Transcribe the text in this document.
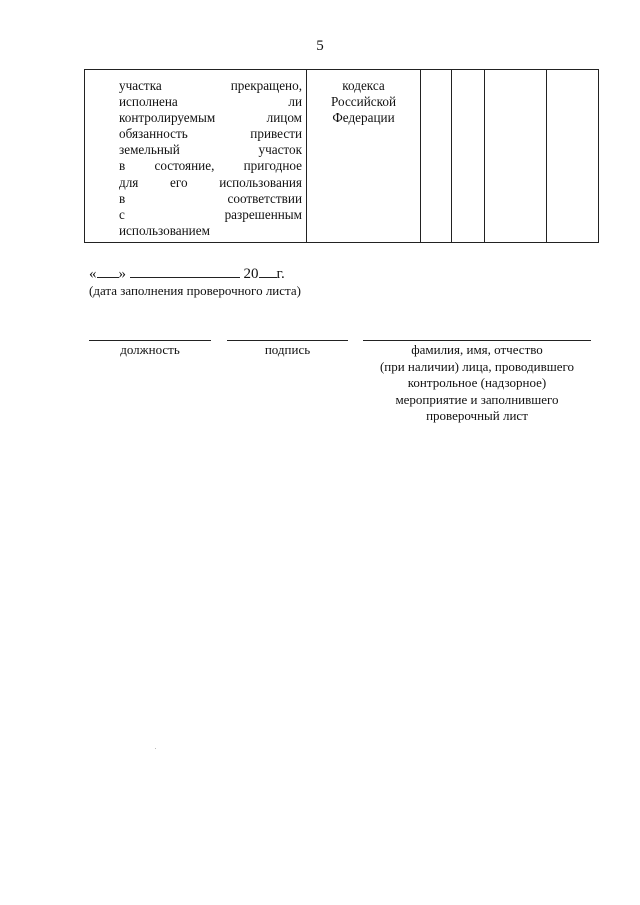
5
участка	прекращено,
исполнена	ли
контролируемым	лицом
обязанность	привести
земельный	участок
в состояние, пригодное
для его использования
в	соответствии
с	разрешенным
использованием

кодекса
Российской
Федерации

« »	20 г.
(дата заполнения проверочного листа)
должность	подпись	фамилия, имя, отчество
(при наличии) лица, проводившего
контрольное (надзорное)
мероприятие и заполнившего
проверочный лист
